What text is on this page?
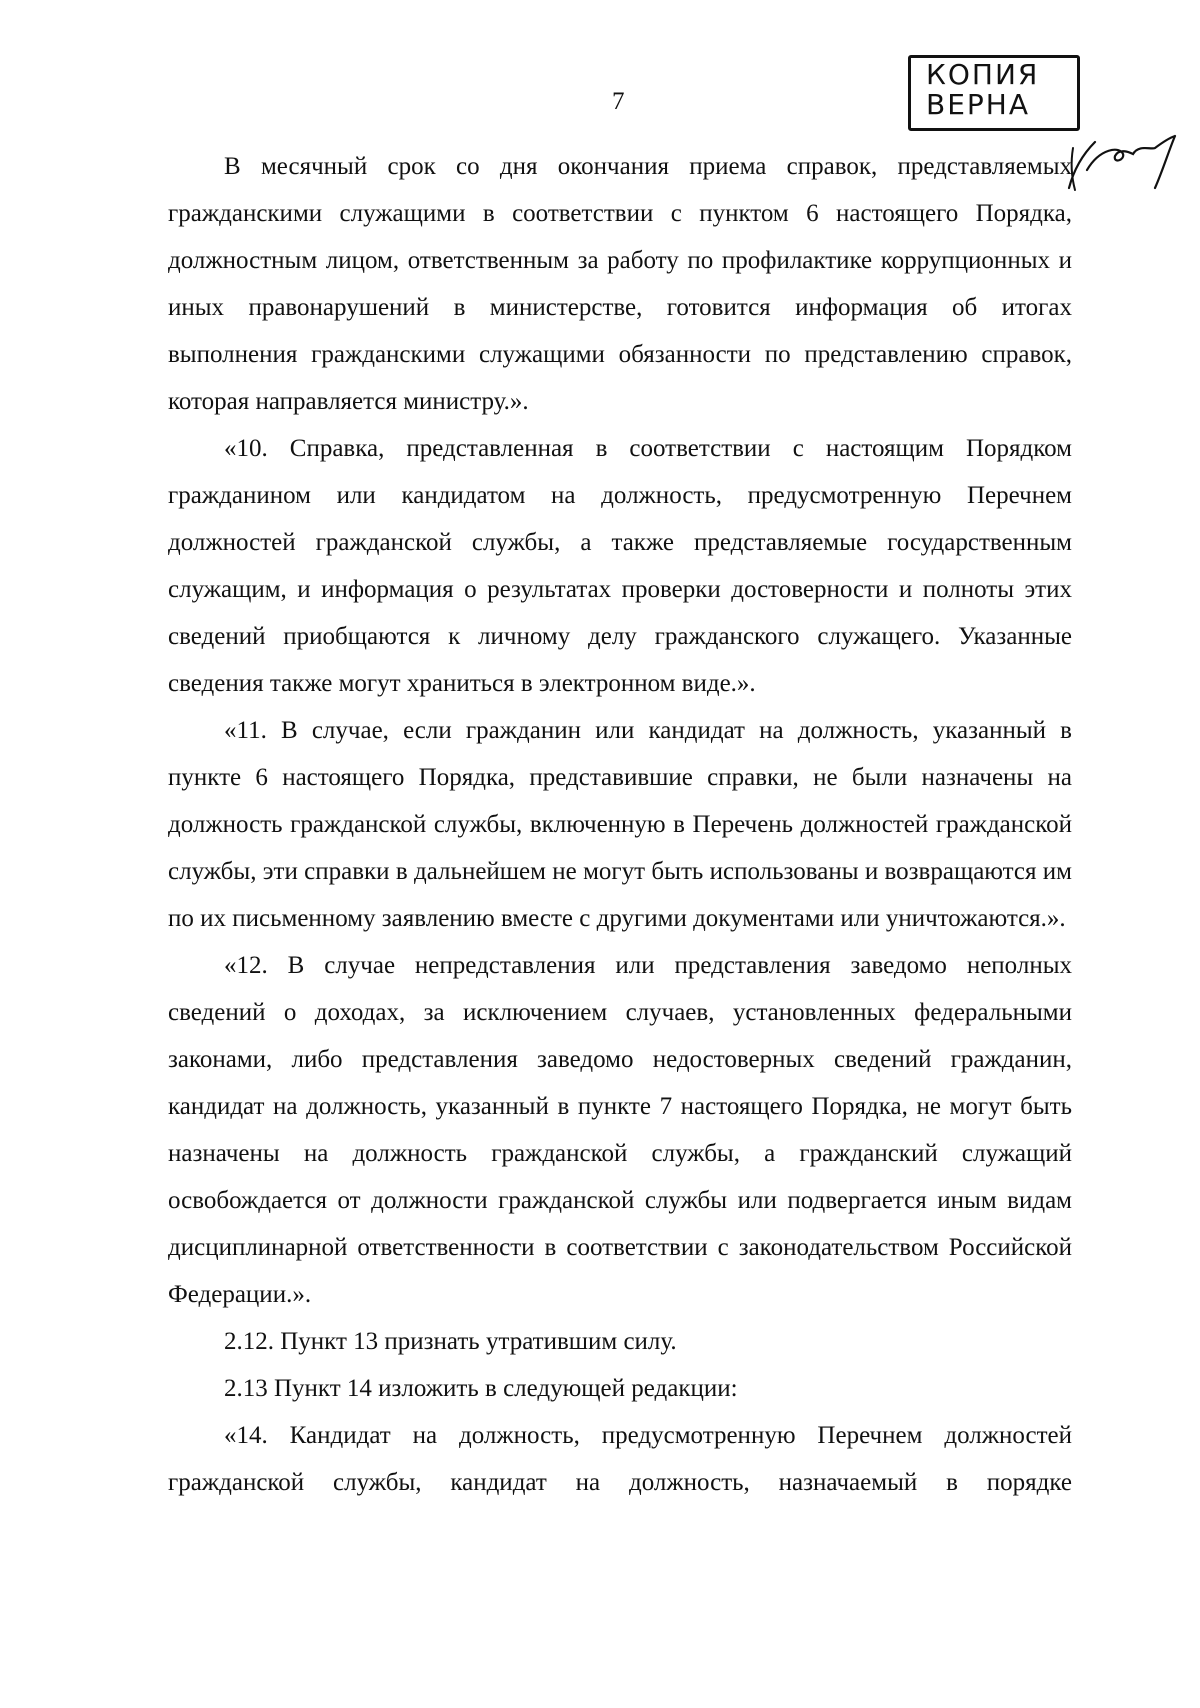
7
КОПИЯ
ВЕРНА

В месячный срок со дня окончания приема справок, представляемых гражданскими служащими в соответствии с пунктом 6 настоящего Порядка, должностным лицом, ответственным за работу по профилактике коррупционных и иных правонарушений в министерстве, готовится информация об итогах выполнения гражданскими служащими обязанности по представлению справок, которая направляется министру.».

«10. Справка, представленная в соответствии с настоящим Порядком гражданином или кандидатом на должность, предусмотренную Перечнем должностей гражданской службы, а также представляемые государственным служащим, и информация о результатах проверки достоверности и полноты этих сведений приобщаются к личному делу гражданского служащего. Указанные сведения также могут храниться в электронном виде.».

«11. В случае, если гражданин или кандидат на должность, указанный в пункте 6 настоящего Порядка, представившие справки, не были назначены на должность гражданской службы, включенную в Перечень должностей гражданской службы, эти справки в дальнейшем не могут быть использованы и возвращаются им по их письменному заявлению вместе с другими документами или уничтожаются.».

«12. В случае непредставления или представления заведомо неполных сведений о доходах, за исключением случаев, установленных федеральными законами, либо представления заведомо недостоверных сведений гражданин, кандидат на должность, указанный в пункте 7 настоящего Порядка, не могут быть назначены на должность гражданской службы, а гражданский служащий освобождается от должности гражданской службы или подвергается иным видам дисциплинарной ответственности в соответствии с законодательством Российской Федерации.».

2.12. Пункт 13 признать утратившим силу.

2.13 Пункт 14 изложить в следующей редакции:

«14. Кандидат на должность, предусмотренную Перечнем должностей гражданской службы, кандидат на должность, назначаемый в порядке
